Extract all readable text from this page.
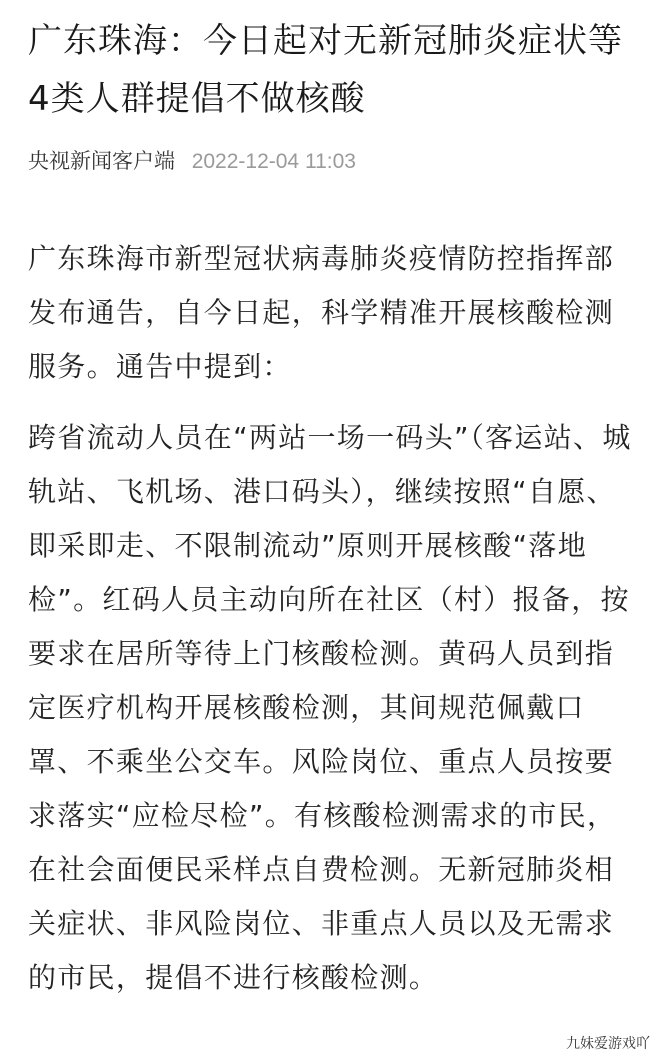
广东珠海：今日起对无新冠肺炎症状等4类人群提倡不做核酸
央视新闻客户端 2022-12-04 11:03

广东珠海市新型冠状病毒肺炎疫情防控指挥部发布通告，自今日起，科学精准开展核酸检测服务。通告中提到：

跨省流动人员在“两站一场一码头”（客运站、城轨站、飞机场、港口码头），继续按照“自愿、即采即走、不限制流动”原则开展核酸“落地检”。红码人员主动向所在社区（村）报备，按要求在居所等待上门核酸检测。黄码人员到指定医疗机构开展核酸检测，其间规范佩戴口罩、不乘坐公交车。风险岗位、重点人员按要求落实“应检尽检”。有核酸检测需求的市民，在社会面便民采样点自费检测。无新冠肺炎相关症状、非风险岗位、非重点人员以及无需求的市民，提倡不进行核酸检测。

九妹爱游戏吖
